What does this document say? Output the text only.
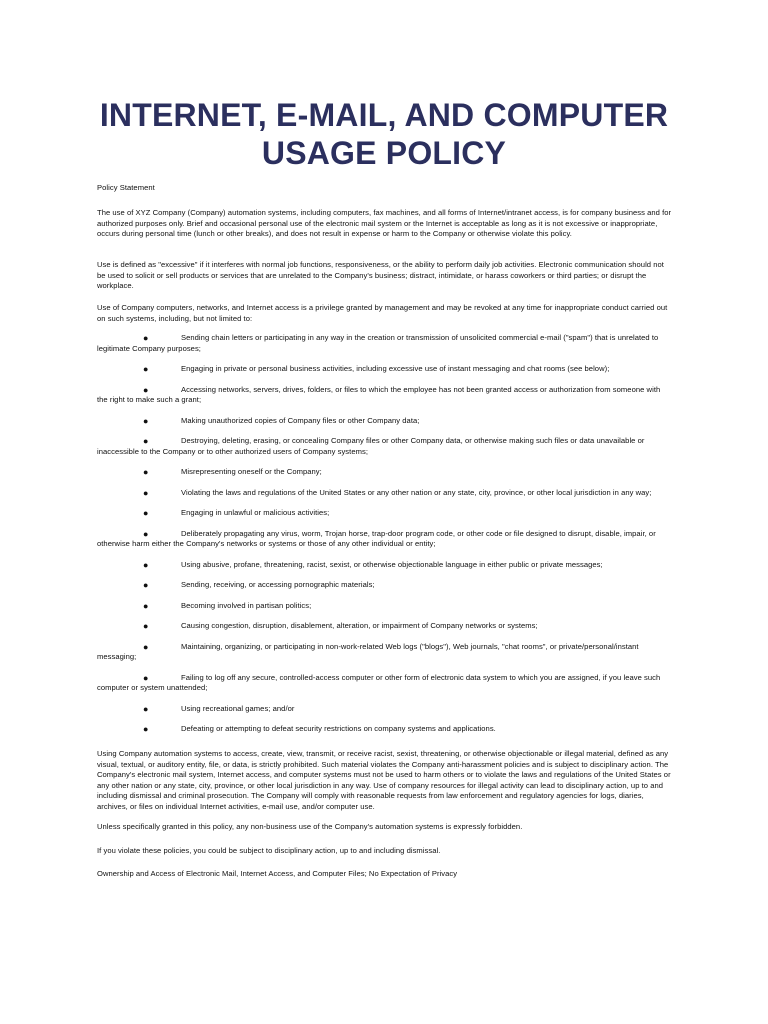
INTERNET, E-MAIL, AND COMPUTER
USAGE POLICY
Policy Statement
The use of XYZ Company (Company) automation systems, including computers, fax machines, and all forms of Internet/intranet access, is for company business and for authorized purposes only. Brief and occasional personal use of the electronic mail system or the Internet is acceptable as long as it is not excessive or inappropriate, occurs during personal time (lunch or other breaks), and does not result in expense or harm to the Company or otherwise violate this policy.
Use is defined as "excessive" if it interferes with normal job functions, responsiveness, or the ability to perform daily job activities. Electronic communication should not be used to solicit or sell products or services that are unrelated to the Company's business; distract, intimidate, or harass coworkers or third parties; or disrupt the workplace.
Use of Company computers, networks, and Internet access is a privilege granted by management and may be revoked at any time for inappropriate conduct carried out on such systems, including, but not limited to:
●	Sending chain letters or participating in any way in the creation or transmission of unsolicited commercial e-mail ("spam") that is unrelated to legitimate Company purposes;
●	Engaging in private or personal business activities, including excessive use of instant messaging and chat rooms (see below);
●	Accessing networks, servers, drives, folders, or files to which the employee has not been granted access or authorization from someone with the right to make such a grant;
●	Making unauthorized copies of Company files or other Company data;
●	Destroying, deleting, erasing, or concealing Company files or other Company data, or otherwise making such files or data unavailable or inaccessible to the Company or to other authorized users of Company systems;
●	Misrepresenting oneself or the Company;
●	Violating the laws and regulations of the United States or any other nation or any state, city, province, or other local jurisdiction in any way;
●	Engaging in unlawful or malicious activities;
●	Deliberately propagating any virus, worm, Trojan horse, trap-door program code, or other code or file designed to disrupt, disable, impair, or otherwise harm either the Company's networks or systems or those of any other individual or entity;
●	Using abusive, profane, threatening, racist, sexist, or otherwise objectionable language in either public or private messages;
●	Sending, receiving, or accessing pornographic materials;
●	Becoming involved in partisan politics;
●	Causing congestion, disruption, disablement, alteration, or impairment of Company networks or systems;
●	Maintaining, organizing, or participating in non-work-related Web logs ("blogs"), Web journals, "chat rooms", or private/personal/instant messaging;
●	Failing to log off any secure, controlled-access computer or other form of electronic data system to which you are assigned, if you leave such computer or system unattended;
●	Using recreational games; and/or
●	Defeating or attempting to defeat security restrictions on company systems and applications.
Using Company automation systems to access, create, view, transmit, or receive racist, sexist, threatening, or otherwise objectionable or illegal material, defined as any visual, textual, or auditory entity, file, or data, is strictly prohibited. Such material violates the Company anti-harassment policies and is subject to disciplinary action. The Company's electronic mail system, Internet access, and computer systems must not be used to harm others or to violate the laws and regulations of the United States or any other nation or any state, city, province, or other local jurisdiction in any way. Use of company resources for illegal activity can lead to disciplinary action, up to and including dismissal and criminal prosecution. The Company will comply with reasonable requests from law enforcement and regulatory agencies for logs, diaries, archives, or files on individual Internet activities, e-mail use, and/or computer use.
Unless specifically granted in this policy, any non-business use of the Company's automation systems is expressly forbidden.
If you violate these policies, you could be subject to disciplinary action, up to and including dismissal.
Ownership and Access of Electronic Mail, Internet Access, and Computer Files; No Expectation of Privacy
